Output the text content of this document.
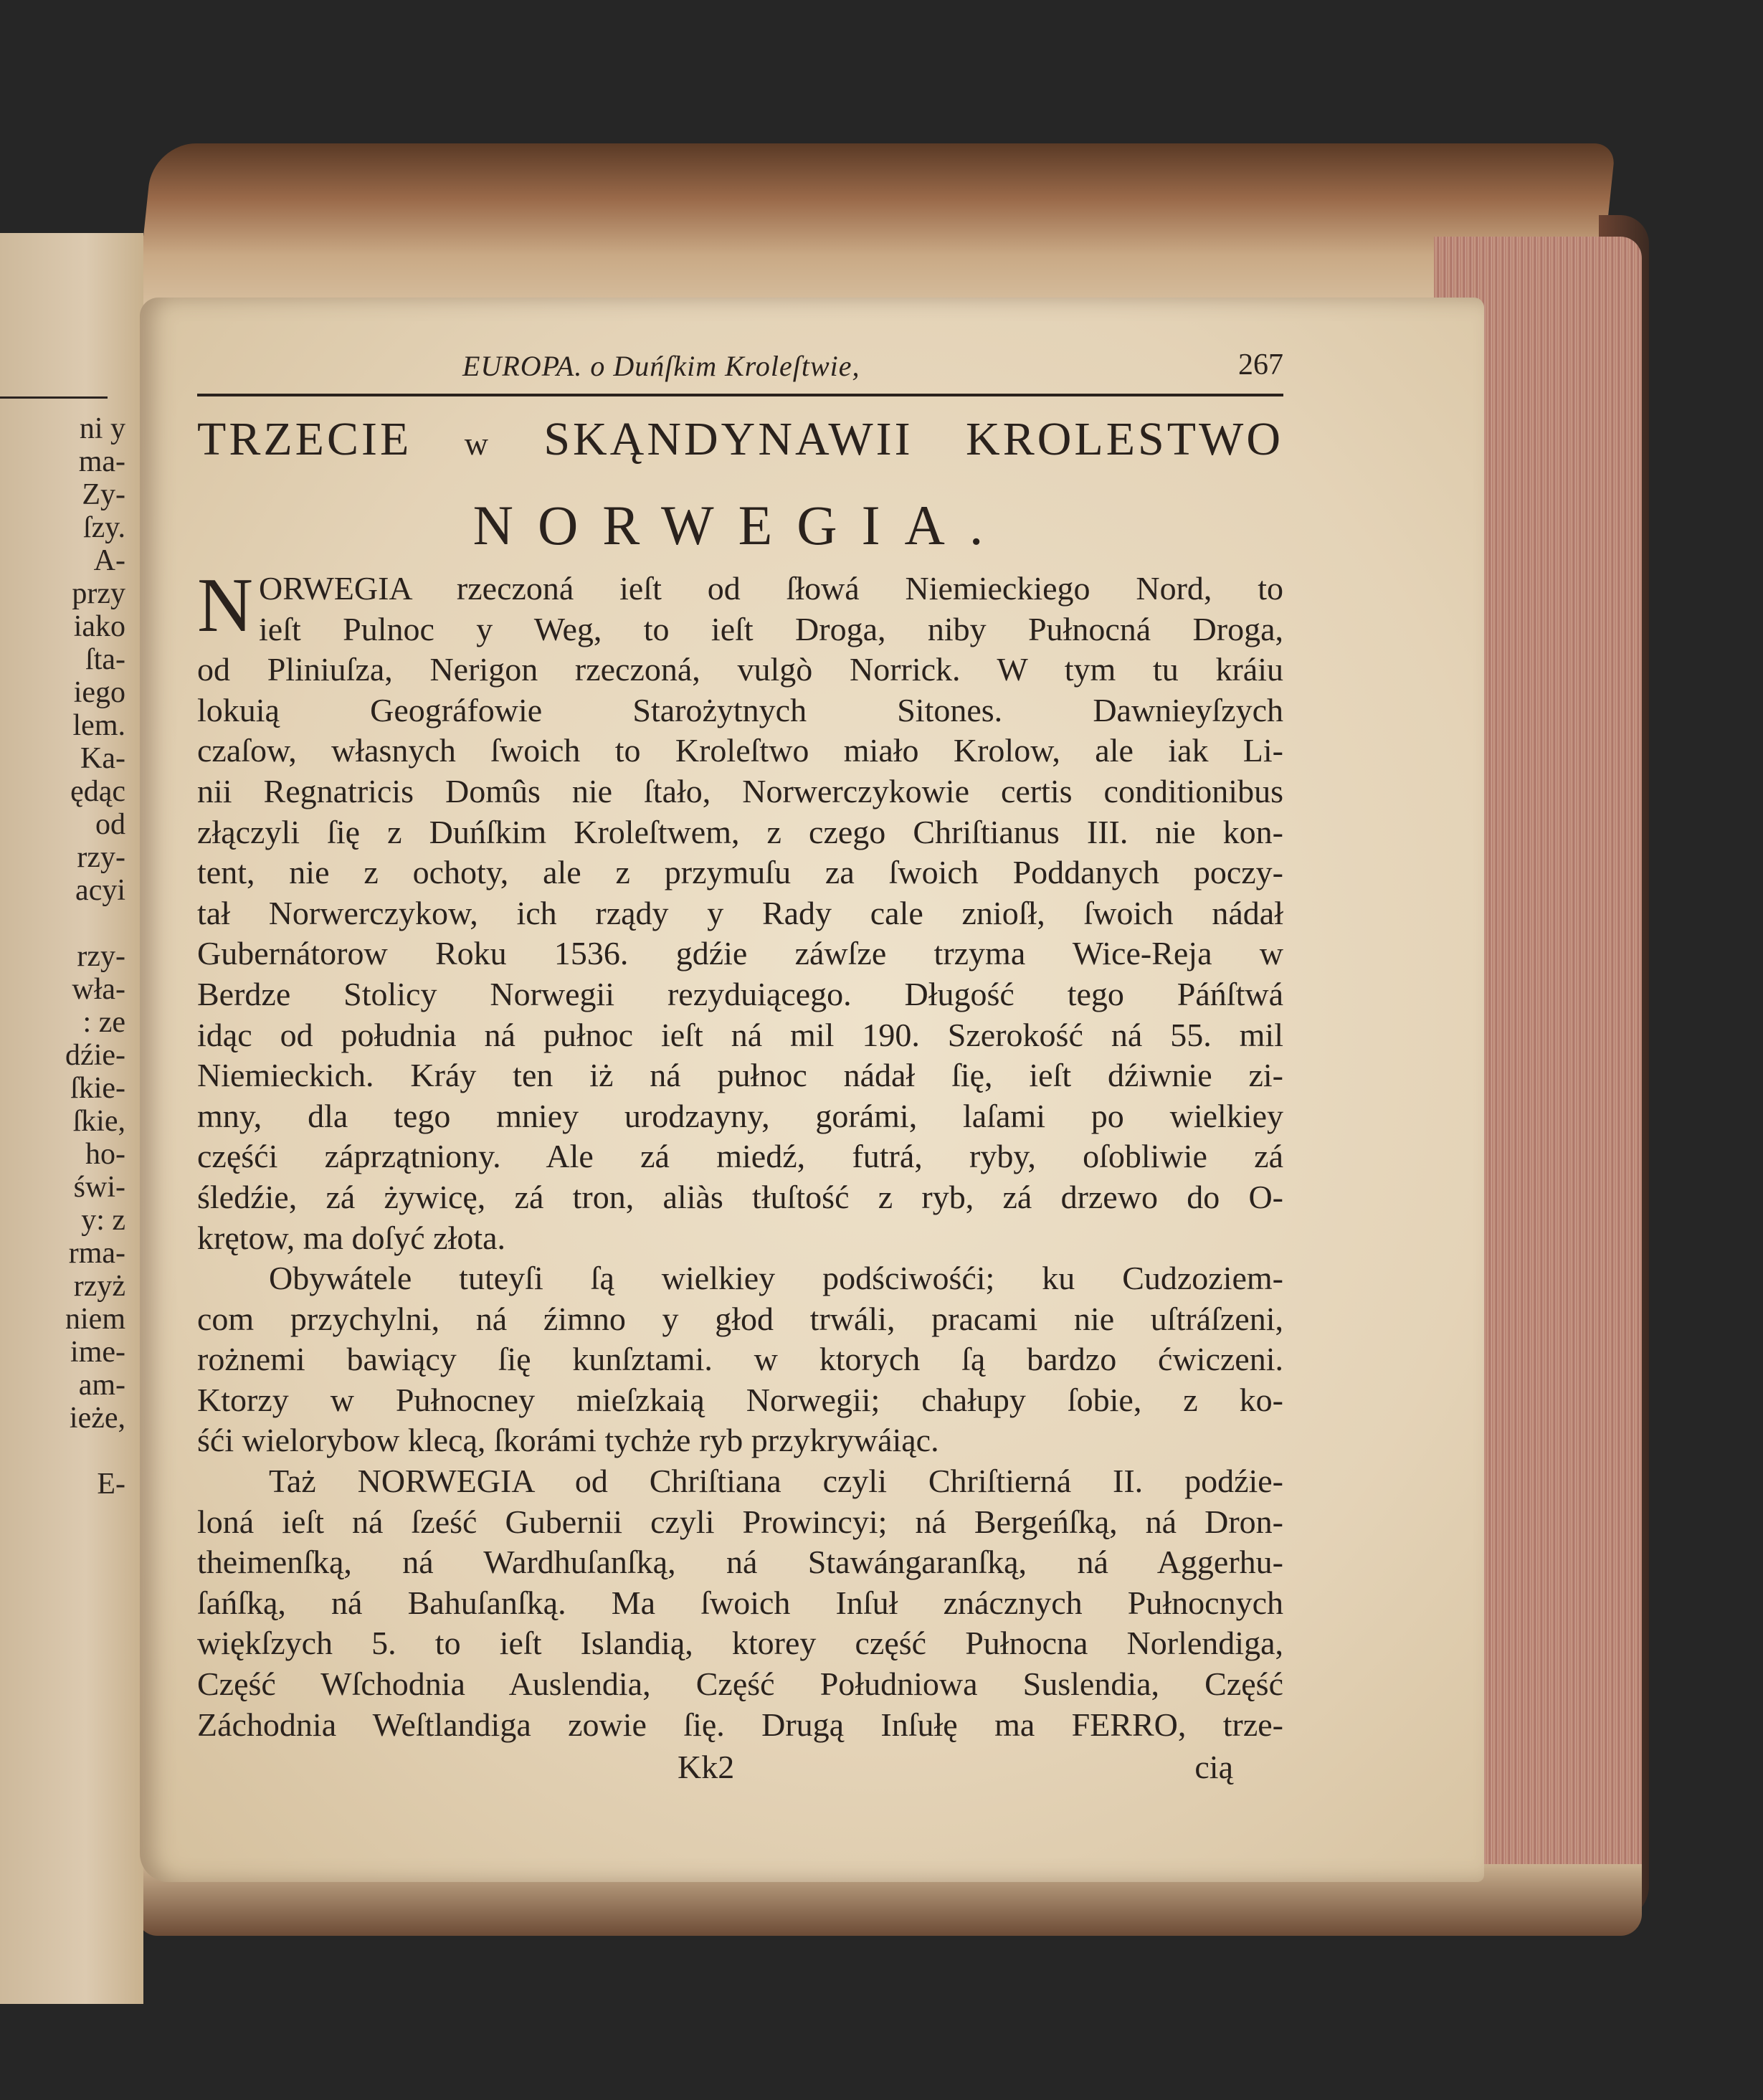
ni y
ma-
Zy-
ſzy.
A-
przy
iako
ſta-
iego
lem.
Ka-
ędąc
od
rzy-
acyi
rzy-
wła-
: ze
dźie-
ſkie-
ſkie,
ho-
świ-
y: z
rma-
rzyż
niem
ime-
am-
ieże,
E-
EUROPA. o Duńſkim Kroleſtwie,	267
TRZECIE w SKĄNDYNAWII KROLESTWO
NORWEGIA.
N ORWEGIA rzeczoná ieſt od ſłowá Niemieckiego Nord, to
ieſt Pulnoc y Weg, to ieſt Droga, niby Pułnocná Droga,
od Pliniuſza, Nerigon rzeczoná, vulgò Norrick. W tym tu kráiu
lokuią Geográfowie Starożytnych Sitones. Dawnieyſzych
czaſow, własnych ſwoich to Kroleſtwo miało Krolow, ale iak Li-
nii Regnatricis Domûs nie ſtało, Norwerczykowie certis conditionibus
złączyli ſię z Duńſkim Kroleſtwem, z czego Chriſtianus III. nie kon-
tent, nie z ochoty, ale z przymuſu za ſwoich Poddanych poczy-
tał Norwerczykow, ich rządy y Rady cale znioſł, ſwoich nádał
Gubernátorow Roku 1536. gdźie záwſze trzyma Wice-Reja w
Berdze Stolicy Norwegii rezyduiącego. Długość tego Páńſtwá
idąc od południa ná pułnoc ieſt ná mil 190. Szerokość ná 55. mil
Niemieckich. Kráy ten iż ná pułnoc nádał ſię, ieſt dźiwnie zi-
mny, dla tego mniey urodzayny, gorámi, laſami po wielkiey
częśći záprzątniony. Ale zá miedź, futrá, ryby, oſobliwie zá
śledźie, zá żywicę, zá tron, aliàs tłuſtość z ryb, zá drzewo do O-
krętow, ma doſyć złota.
Obywátele tuteyſi ſą wielkiey podściwośći; ku Cudzoziem-
com przychylni, ná źimno y głod trwáli, pracami nie uſtráſzeni,
rożnemi bawiący ſię kunſztami. w ktorych ſą bardzo ćwiczeni.
Ktorzy w Pułnocney mieſzkaią Norwegii; chałupy ſobie, z ko-
śći wielorybow klecą, ſkorámi tychże ryb przykrywáiąc.
Taż NORWEGIA od Chriſtiana czyli Chriſtierná II. podźie-
loná ieſt ná ſześć Gubernii czyli Prowincyi; ná Bergeńſką, ná Dron-
theimenſką, ná Wardhuſanſką, ná Stawángaranſką, ná Aggerhu-
ſańſką, ná Bahuſanſką. Ma ſwoich Inſuł znácznych Pułnocnych
więkſzych 5. to ieſt Islandią, ktorey część Pułnocna Norlendiga,
Część Wſchodnia Auslendia, Część Południowa Suslendia, Część
Záchodnia Weſtlandiga zowie ſię. Drugą Inſułę ma FERRO, trze-
Kk2	cią
